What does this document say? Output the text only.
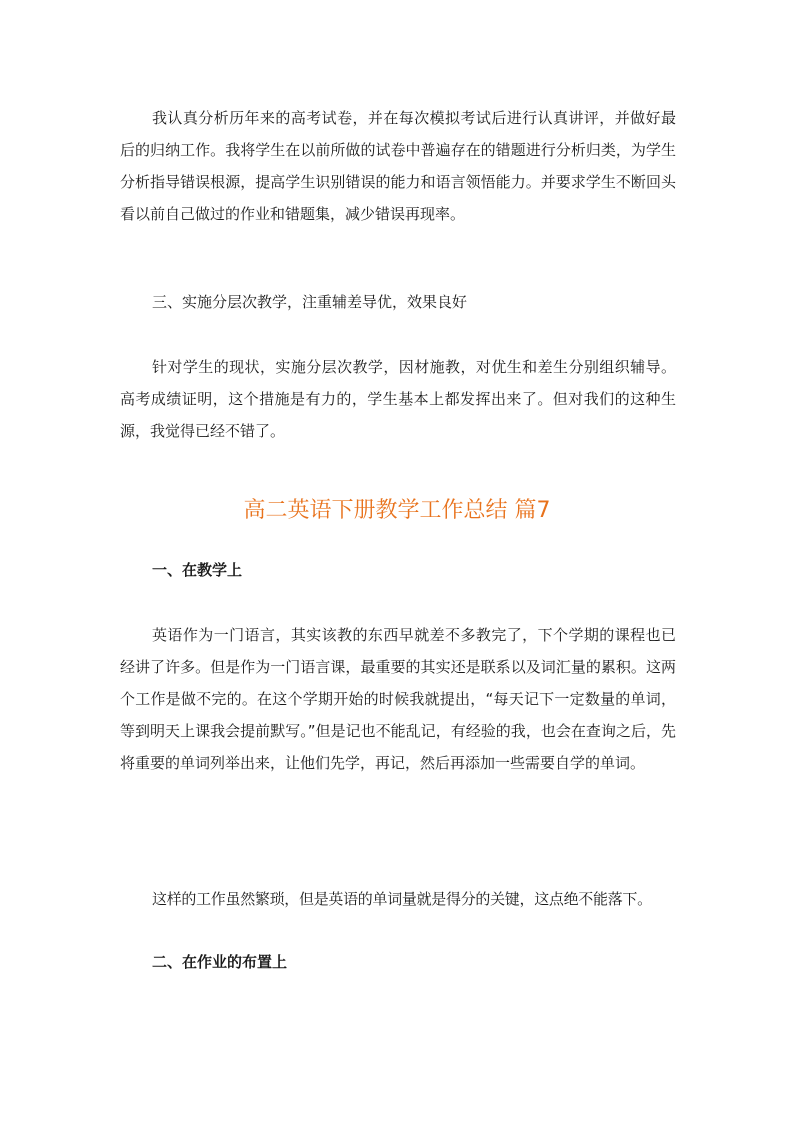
我认真分析历年来的高考试卷，并在每次模拟考试后进行认真讲评，并做好最后的归纳工作。我将学生在以前所做的试卷中普遍存在的错题进行分析归类，为学生分析指导错误根源，提高学生识别错误的能力和语言领悟能力。并要求学生不断回头看以前自己做过的作业和错题集，减少错误再现率。

三、实施分层次教学，注重辅差导优，效果良好

针对学生的现状，实施分层次教学，因材施教，对优生和差生分别组织辅导。高考成绩证明，这个措施是有力的，学生基本上都发挥出来了。但对我们的这种生源，我觉得已经不错了。

高二英语下册教学工作总结 篇7

一、在教学上

英语作为一门语言，其实该教的东西早就差不多教完了，下个学期的课程也已经讲了许多。但是作为一门语言课，最重要的其实还是联系以及词汇量的累积。这两个工作是做不完的。在这个学期开始的时候我就提出，“每天记下一定数量的单词，等到明天上课我会提前默写。”但是记也不能乱记，有经验的我，也会在查询之后，先将重要的单词列举出来，让他们先学，再记，然后再添加一些需要自学的单词。

这样的工作虽然繁琐，但是英语的单词量就是得分的关键，这点绝不能落下。

二、在作业的布置上
